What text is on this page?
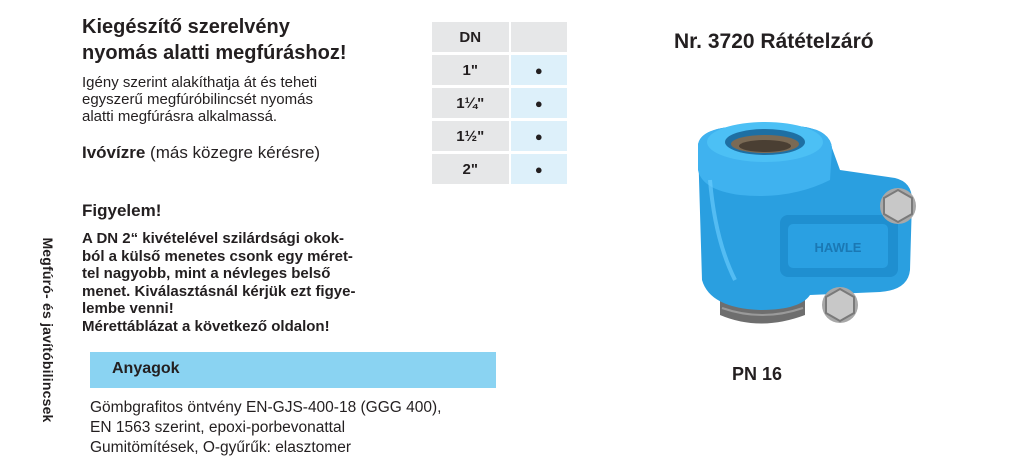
Megfúró- és javítóbilincsek
Kiegészítő szerelvény
nyomás alatti megfúráshoz!

Igény szerint alakíthatja át és teheti
egyszerű megfúróbilincsét nyomás
alatti megfúrásra alkalmassá.

Ivóvízre (más közegre kérésre)

Figyelem!

A DN 2“ kivételével szilárdsági okok-
ból a külső menetes csonk egy méret-
tel nagyobb, mint a névleges belső
menet. Kiválasztásnál kérjük ezt figye-
lembe venni!
Mérettáblázat a következő oldalon!

Anyagok
Gömbgrafitos öntvény EN-GJS-400-18 (GGG 400),
EN 1563 szerint, epoxi-porbevonattal
Gumitömítések, O-gyűrűk: elasztomer
DN	
1"	●
1¼"	●
1½"	●
2"	●
Nr. 3720 Rátételzáró
HAWLE
PN 16
